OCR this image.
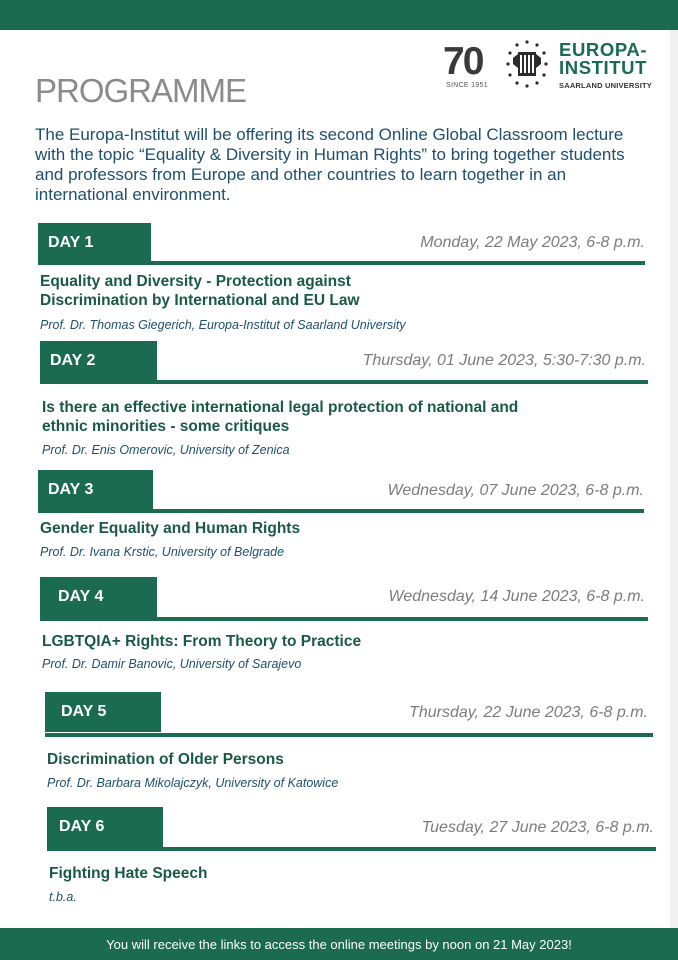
PROGRAMME
70
SINCE 1951
EUROPA-
INSTITUT
SAARLAND UNIVERSITY
The Europa-Institut will be offering its second Online Global Classroom lecture with the topic “Equality & Diversity in Human Rights” to bring together students and professors from Europe and other countries to learn together in an international environment.
DAY 1	Monday, 22 May 2023, 6-8 p.m.
Equality and Diversity - Protection against
Discrimination by International and EU Law
Prof. Dr. Thomas Giegerich, Europa-Institut of Saarland University
DAY 2	Thursday, 01 June 2023, 5:30-7:30 p.m.
Is there an effective international legal protection of national and
ethnic minorities - some critiques
Prof. Dr. Enis Omerovic, University of Zenica
DAY 3	Wednesday, 07 June 2023, 6-8 p.m.
Gender Equality and Human Rights
Prof. Dr. Ivana Krstic, University of Belgrade
DAY 4	Wednesday, 14 June 2023, 6-8 p.m.
LGBTQIA+ Rights: From Theory to Practice
Prof. Dr. Damir Banovic, University of Sarajevo
DAY 5	Thursday, 22 June 2023, 6-8 p.m.
Discrimination of Older Persons
Prof. Dr. Barbara Mikolajczyk, University of Katowice
DAY 6	Tuesday, 27 June 2023, 6-8 p.m.
Fighting Hate Speech
t.b.a.
You will receive the links to access the online meetings by noon on 21 May 2023!
